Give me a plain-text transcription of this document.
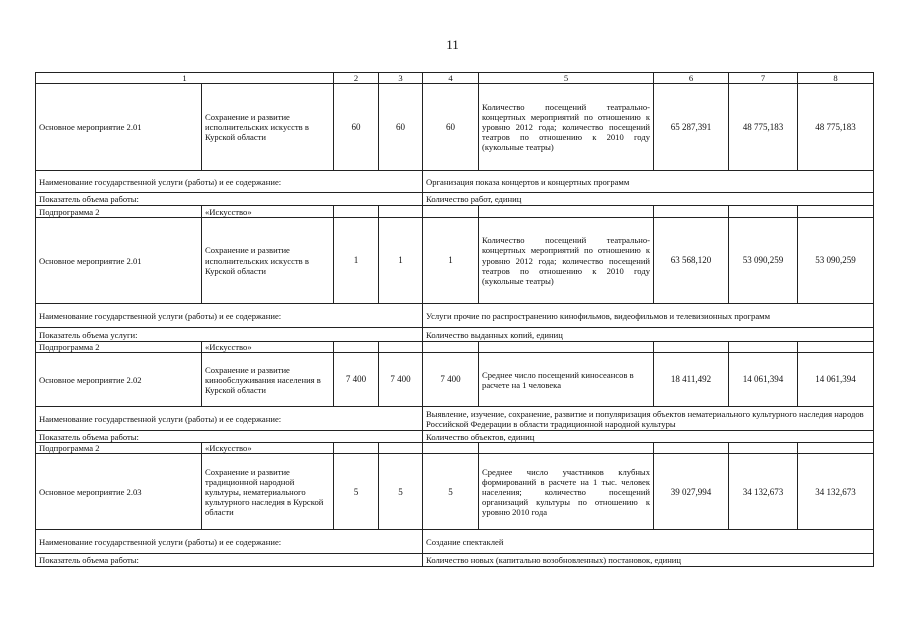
11
1		2	3	4	5	6	7	8
Основное мероприятие 2.01	Сохранение и развитие исполнительских искусств в Курской области	60	60	60	Количество посещений театрально-концертных мероприятий по отношению к уровню 2012 года; количество посещений театров по отношению к 2010 году (кукольные театры)	65 287,391	48 775,183	48 775,183
Наименование государственной услуги (работы) и ее содержание:				Организация показа концертов и концертных программ				
Показатель объема работы:				Количество работ, единиц				
Подпрограмма 2	«Искусство»							
Основное мероприятие 2.01	Сохранение и развитие исполнительских искусств в Курской области	1	1	1	Количество посещений театрально-концертных мероприятий по отношению к уровню 2012 года; количество посещений театров по отношению к 2010 году (кукольные театры)	63 568,120	53 090,259	53 090,259
Наименование государственной услуги (работы) и ее содержание:				Услуги прочие по распространению кинофильмов, видеофильмов и телевизионных программ				
Показатель объема услуги:				Количество выданных копий, единиц				
Подпрограмма 2	«Искусство»							
Основное мероприятие 2.02	Сохранение и развитие кинообслуживания населения в Курской области	7 400	7 400	7 400	Среднее число посещений киносеансов в расчете на 1 человека	18 411,492	14 061,394	14 061,394
Наименование государственной услуги (работы) и ее содержание:				Выявление, изучение, сохранение, развитие и популяризация объектов нематериального культурного наследия народов Российской Федерации в области традиционной народной культуры				
Показатель объема работы:				Количество объектов, единиц				
Подпрограмма 2	«Искусство»							
Основное мероприятие 2.03	Сохранение и развитие традиционной народной культуры, нематериального культурного наследия в Курской области	5	5	5	Среднее число участников клубных формирований в расчете на 1 тыс. человек населения; количество посещений организаций культуры по отношению к уровню 2010 года	39 027,994	34 132,673	34 132,673
Наименование государственной услуги (работы) и ее содержание:				Создание спектаклей				
Показатель объема работы:				Количество новых (капитально возобновленных) постановок, единиц				
